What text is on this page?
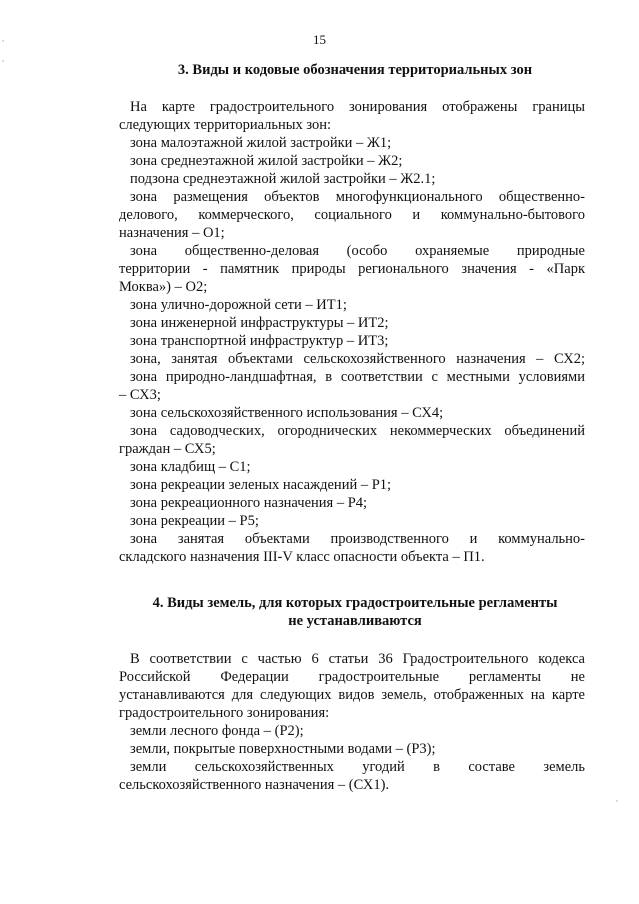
15
3. Виды и кодовые обозначения территориальных зон
На карте градостроительного зонирования отображены границы
следующих территориальных зон:
зона малоэтажной жилой застройки – Ж1;
зона среднеэтажной жилой застройки – Ж2;
подзона среднеэтажной жилой застройки – Ж2.1;
зона размещения объектов многофункционального общественно-
делового, коммерческого, социального и коммунально-бытового
назначения – О1;
зона общественно-деловая (особо охраняемые природные
территории - памятник природы регионального значения - «Парк
Моква») – О2;
зона улично-дорожной сети – ИТ1;
зона инженерной инфраструктуры – ИТ2;
зона транспортной инфраструктур – ИТ3;
зона, занятая объектами сельскохозяйственного назначения – СХ2;
зона природно-ландшафтная, в соответствии с местными условиями
– СХ3;
зона сельскохозяйственного использования – СХ4;
зона садоводческих, огороднических некоммерческих объединений
граждан – СХ5;
зона кладбищ – С1;
зона рекреации зеленых насаждений – Р1;
зона рекреационного назначения – Р4;
зона рекреации – Р5;
зона занятая объектами производственного и коммунально-
складского назначения III-V класс опасности объекта – П1.
4. Виды земель, для которых градостроительные регламенты
не устанавливаются
В соответствии с частью 6 статьи 36 Градостроительного кодекса
Российской Федерации градостроительные регламенты не
устанавливаются для следующих видов земель, отображенных на карте
градостроительного зонирования:
земли лесного фонда – (Р2);
земли, покрытые поверхностными водами – (Р3);
земли сельскохозяйственных угодий в составе земель
сельскохозяйственного назначения – (СХ1).
